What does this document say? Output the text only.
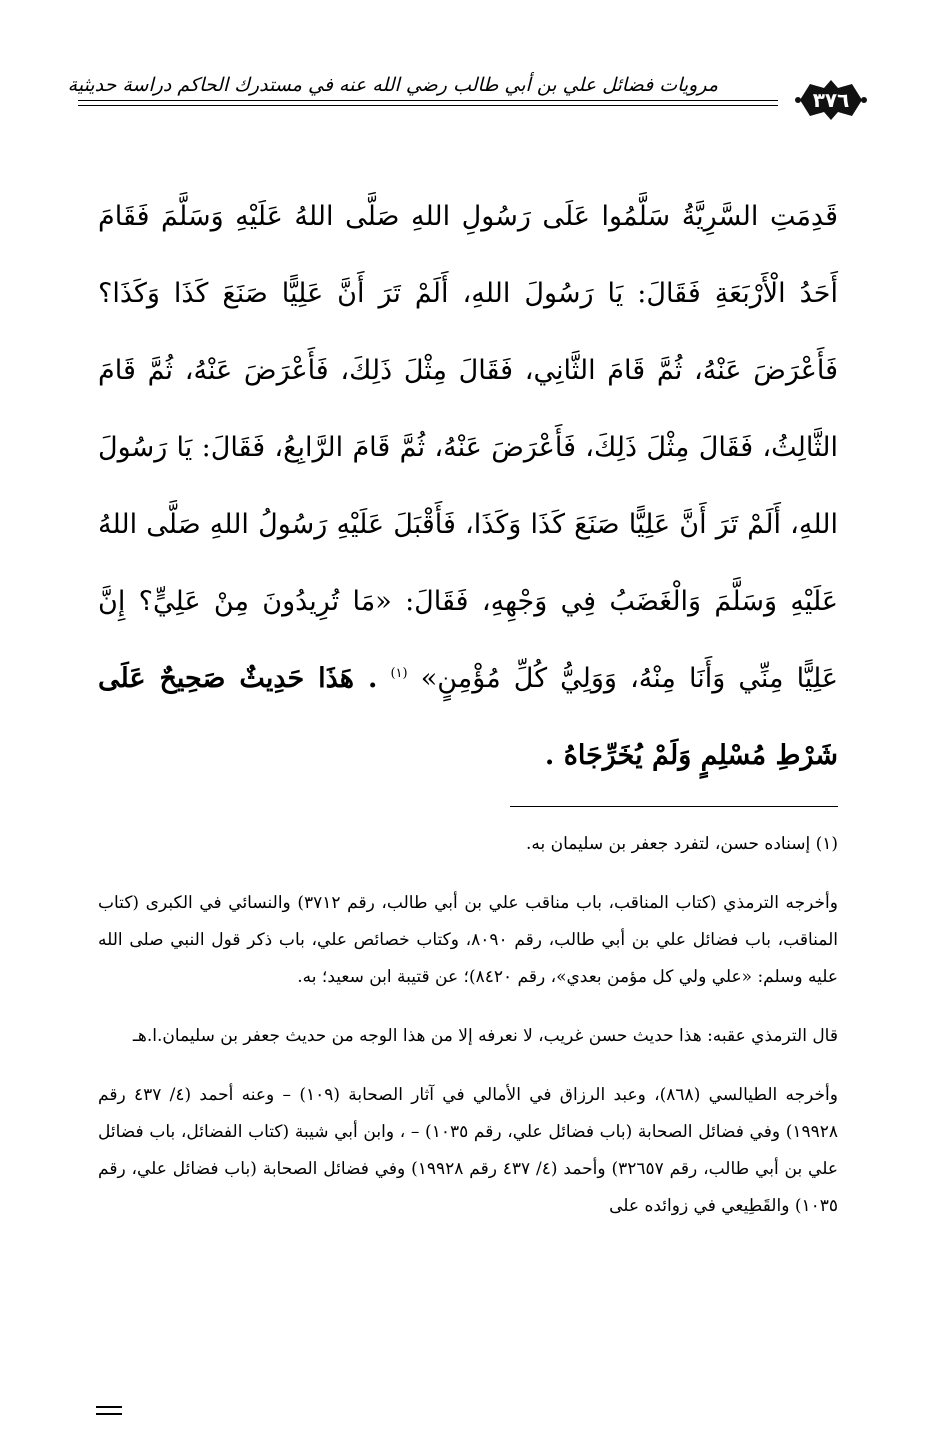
مرويات فضائل علي بن أبي طالب رضي الله عنه في مستدرك الحاكم دراسة حديثية
٣٧٦
قَدِمَتِ السَّرِيَّةُ سَلَّمُوا عَلَى رَسُولِ اللهِ صَلَّى اللهُ عَلَيْهِ وَسَلَّمَ فَقَامَ أَحَدُ الْأَرْبَعَةِ فَقَالَ: يَا رَسُولَ اللهِ، أَلَمْ تَرَ أَنَّ عَلِيًّا صَنَعَ كَذَا وَكَذَا؟ فَأَعْرَضَ عَنْهُ، ثُمَّ قَامَ الثَّانِي، فَقَالَ مِثْلَ ذَلِكَ، فَأَعْرَضَ عَنْهُ، ثُمَّ قَامَ الثَّالِثُ، فَقَالَ مِثْلَ ذَلِكَ، فَأَعْرَضَ عَنْهُ، ثُمَّ قَامَ الرَّابِعُ، فَقَالَ: يَا رَسُولَ اللهِ، أَلَمْ تَرَ أَنَّ عَلِيًّا صَنَعَ كَذَا وَكَذَا، فَأَقْبَلَ عَلَيْهِ رَسُولُ اللهِ صَلَّى اللهُ عَلَيْهِ وَسَلَّمَ وَالْغَضَبُ فِي وَجْهِهِ، فَقَالَ: «مَا تُرِيدُونَ مِنْ عَلِيٍّ؟ إِنَّ عَلِيًّا مِنِّي وَأَنَا مِنْهُ، وَوَلِيُّ كُلِّ مُؤْمِنٍ» $^{(١)}$ . هَذَا حَدِيثٌ صَحِيحٌ عَلَى شَرْطِ مُسْلِمٍ وَلَمْ يُخَرِّجَاهُ .

(١) إسناده حسن، لتفرد جعفر بن سليمان به.

وأخرجه الترمذي (كتاب المناقب، باب مناقب علي بن أبي طالب، رقم ٣٧١٢) والنسائي في الكبرى (كتاب المناقب، باب فضائل علي بن أبي طالب، رقم ٨٠٩٠، وكتاب خصائص علي، باب ذكر قول النبي صلى الله عليه وسلم: «علي ولي كل مؤمن بعدي»، رقم ٨٤٢٠)؛ عن قتيبة ابن سعيد؛ به.

قال الترمذي عقبه: هذا حديث حسن غريب، لا نعرفه إلا من هذا الوجه من حديث جعفر بن سليمان.ا.هـ

وأخرجه الطيالسي (٨٦٨)، وعبد الرزاق في الأمالي في آثار الصحابة (١٠٩) – وعنه أحمد (٤/ ٤٣٧ رقم ١٩٩٢٨) وفي فضائل الصحابة (باب فضائل علي، رقم ١٠٣٥) – ، وابن أبي شيبة (كتاب الفضائل، باب فضائل علي بن أبي طالب، رقم ٣٢٦٥٧) وأحمد (٤/ ٤٣٧ رقم ١٩٩٢٨) وفي فضائل الصحابة (باب فضائل علي، رقم ١٠٣٥) والقَطِيعي في زوائده على
